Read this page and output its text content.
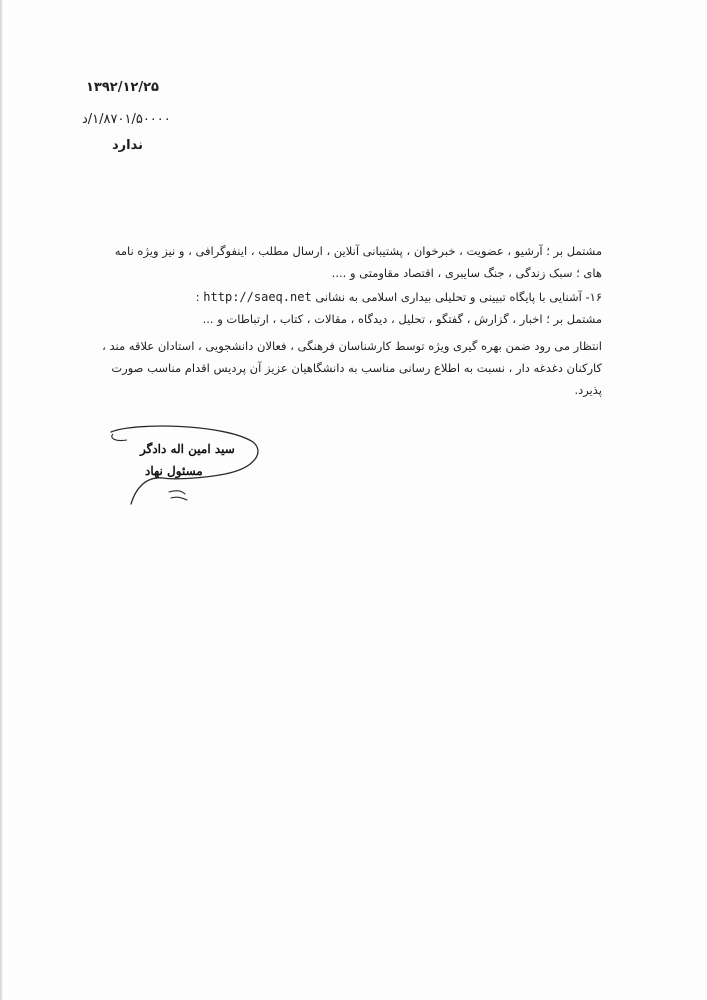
۱۳۹۲/۱۲/۲۵
۱/۸۷۰۱/۵۰۰۰۰/د
ندارد
مشتمل بر ؛ آرشیو ، عضویت ، خبرخوان ، پشتیبانی آنلاین ، ارسال مطلب ، اینفوگرافی ، و نیز ویژه نامه
های ؛ سبک زندگی ، جنگ سایبری ، اقتصاد مقاومتی و ....
۱۶- آشنایی با پایگاه تبیینی و تحلیلی بیداری اسلامی به نشانی http://saeq.net :
مشتمل بر ؛ اخبار ، گزارش ، گفتگو ، تحلیل ، دیدگاه ، مقالات ، کتاب ، ارتباطات و ...
انتظار می رود ضمن بهره گیری ویژه توسط کارشناسان فرهنگی ، فعالان دانشجویی ، استادان علاقه مند ،
کارکنان دغدغه دار ، نسبت به اطلاع رسانی مناسب به دانشگاهیان عزیز آن پردیس اقدام مناسب صورت
پذیرد.
سید امین اله دادگر
مسئول نهاد
